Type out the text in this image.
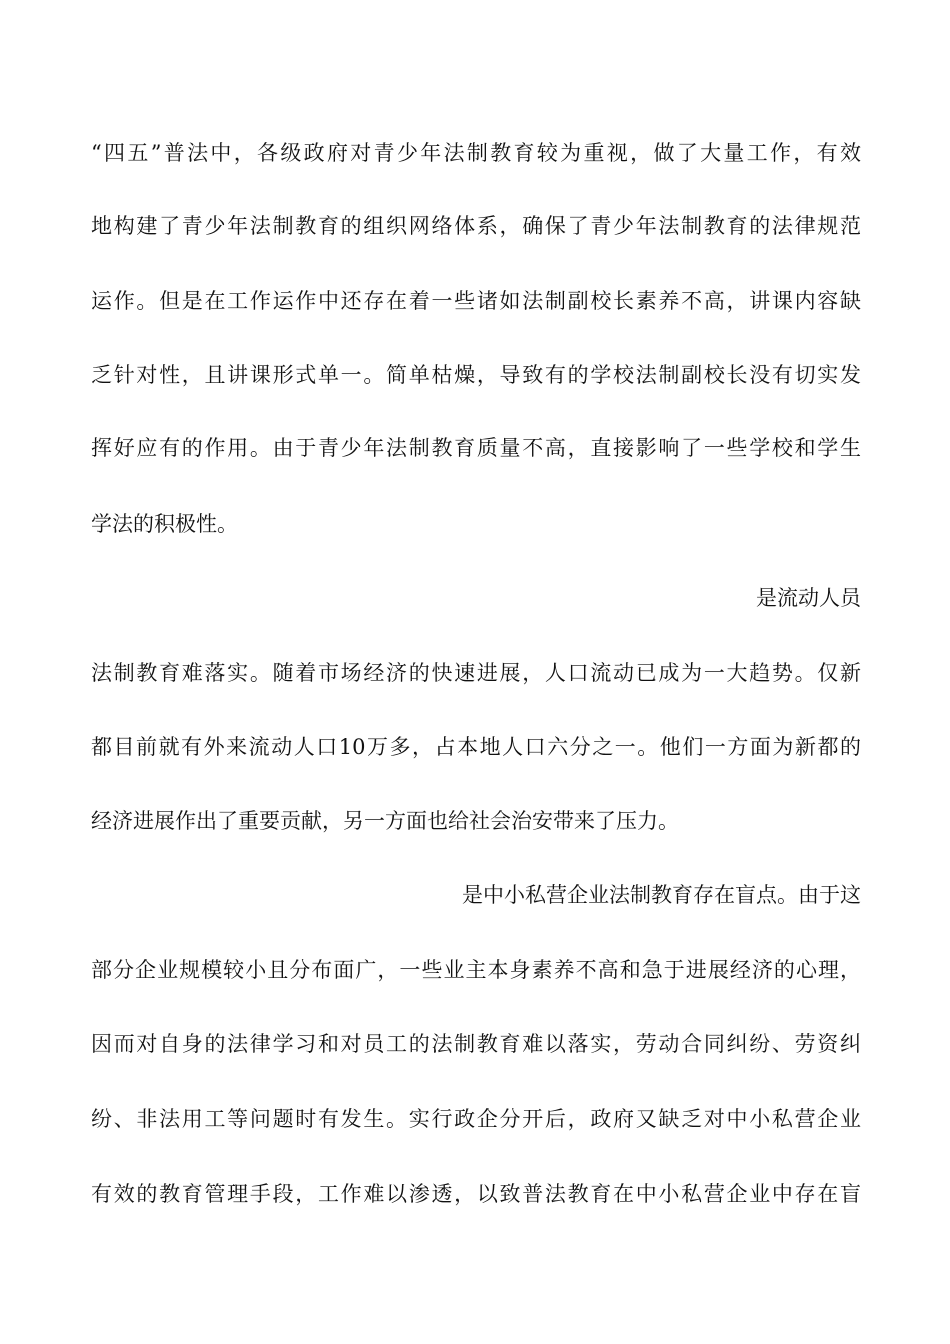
“四五”普法中，各级政府对青少年法制教育较为重视，做了大量工作，有效
地构建了青少年法制教育的组织网络体系，确保了青少年法制教育的法律规范
运作。但是在工作运作中还存在着一些诸如法制副校长素养不高，讲课内容缺
乏针对性，且讲课形式单一。简单枯燥，导致有的学校法制副校长没有切实发
挥好应有的作用。由于青少年法制教育质量不高，直接影响了一些学校和学生
学法的积极性。
是流动人员
法制教育难落实。随着市场经济的快速进展，人口流动已成为一大趋势。仅新
都目前就有外来流动人口10万多，占本地人口六分之一。他们一方面为新都的
经济进展作出了重要贡献，另一方面也给社会治安带来了压力。
是中小私营企业法制教育存在盲点。由于这
部分企业规模较小且分布面广，一些业主本身素养不高和急于进展经济的心理，
因而对自身的法律学习和对员工的法制教育难以落实，劳动合同纠纷、劳资纠
纷、非法用工等问题时有发生。实行政企分开后，政府又缺乏对中小私营企业
有效的教育管理手段，工作难以渗透，以致普法教育在中小私营企业中存在盲
